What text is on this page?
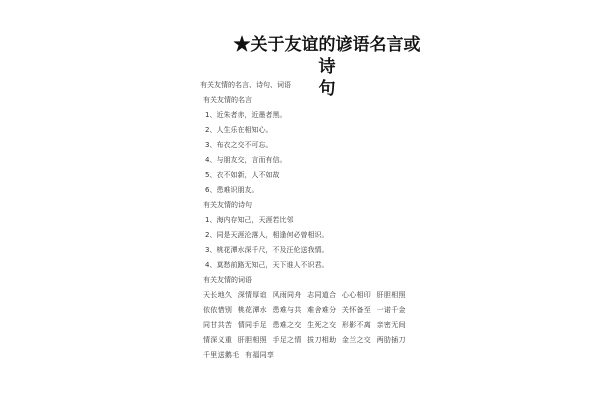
★关于友谊的谚语名言或诗
句
有关友情的名言、诗句、词语
有关友情的名言
1、近朱者赤，近墨者黑。
2、人生乐在相知心。
3、布衣之交不可忘。
4、与朋友交，言而有信。
5、衣不如新，人不如故
6、患难识朋友。
有关友情的诗句
1、海内存知己，天涯若比邻
2、同是天涯沦落人，相逢何必曾相识。
3、桃花潭水深千尺，不及汪伦送我情。
4、莫愁前路无知己，天下谁人不识君。
有关友情的词语
天长地久 深情厚谊 风雨同舟 志同道合 心心相印 肝胆相照 依依惜别 桃花潭水 患难与共 难舍难分 关怀备至 一诺千金 同甘共苦 情同手足 患难之交 生死之交 形影不离 亲密无间 情深义重 肝胆相照 手足之情 拔刀相助 金兰之交 两肋插刀 千里送鹅毛 有福同享
